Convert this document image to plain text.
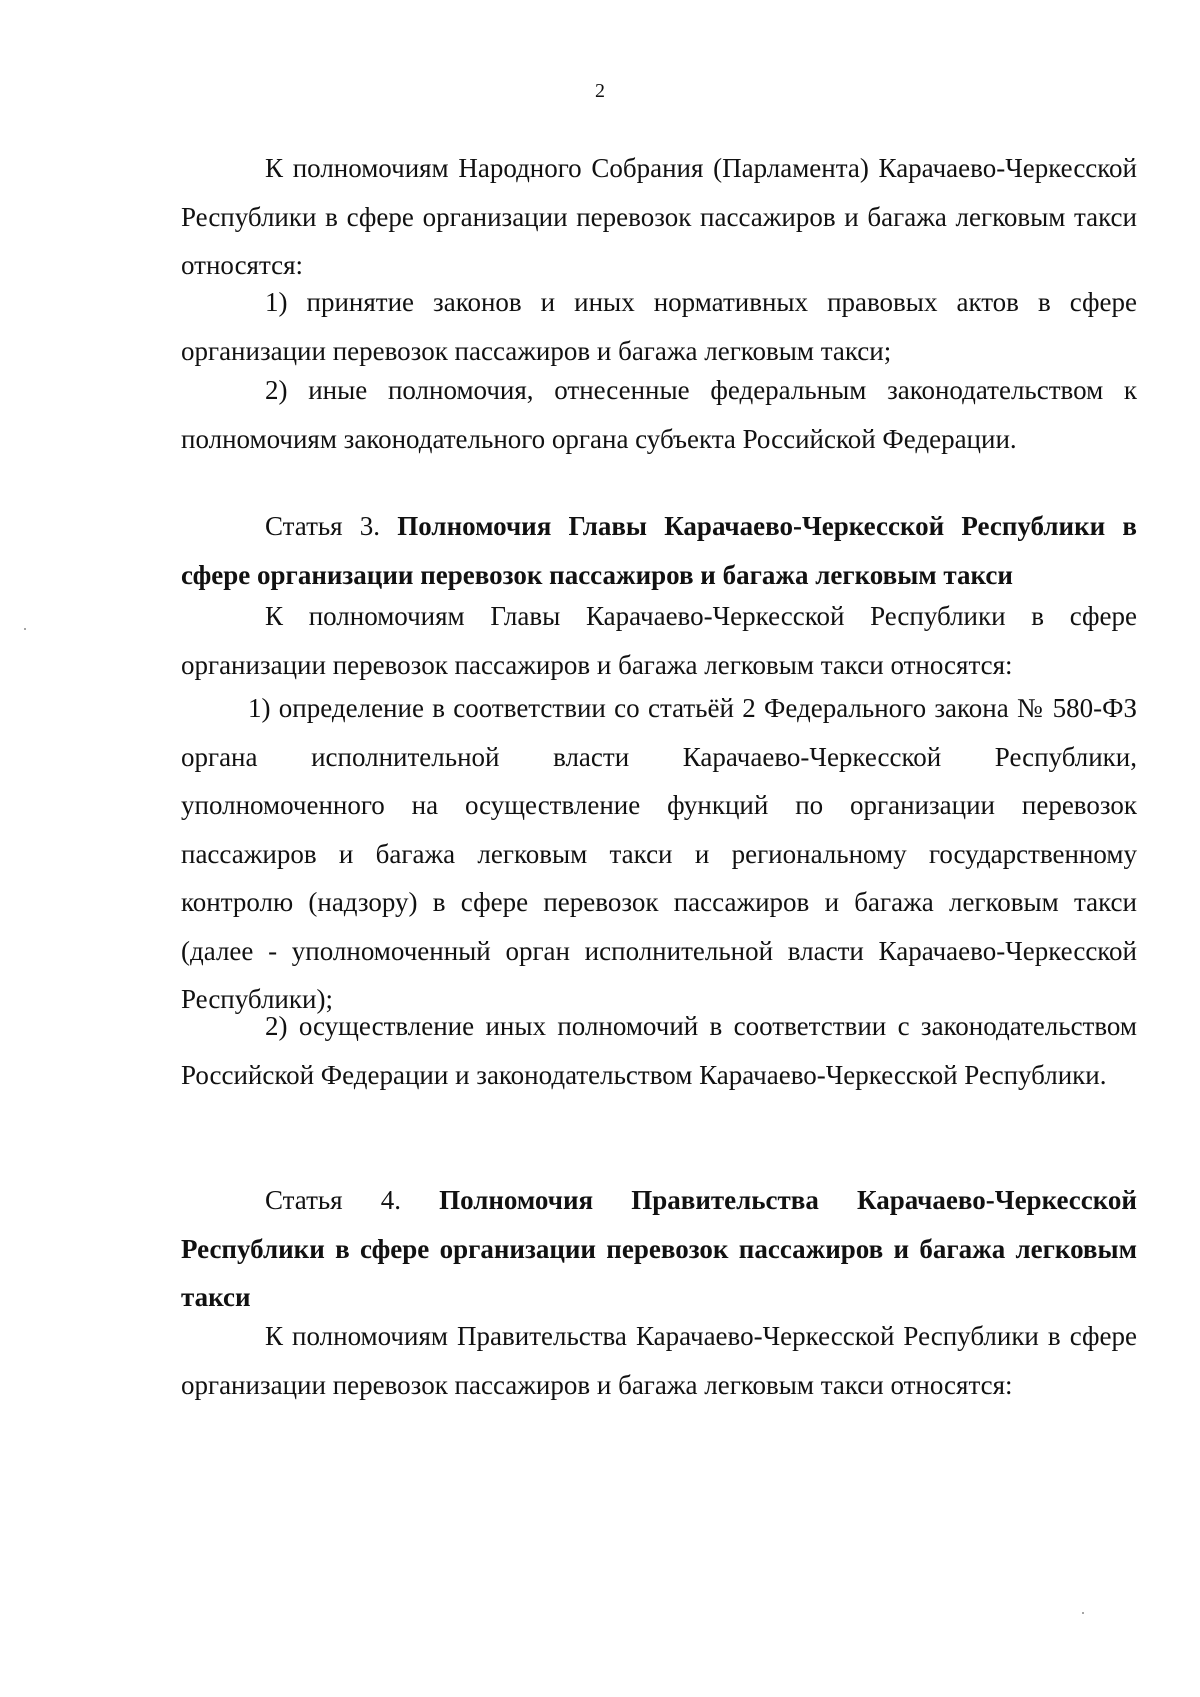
2

К полномочиям Народного Собрания (Парламента) Карачаево-Черкесской Республики в сфере организации перевозок пассажиров и багажа легковым такси относятся:

1) принятие законов и иных нормативных правовых актов в сфере организации перевозок пассажиров и багажа легковым такси;

2) иные полномочия, отнесенные федеральным законодательством к полномочиям законодательного органа субъекта Российской Федерации.

Статья 3. Полномочия Главы Карачаево-Черкесской Республики в сфере организации перевозок пассажиров и багажа легковым такси

К полномочиям Главы Карачаево-Черкесской Республики в сфере организации перевозок пассажиров и багажа легковым такси относятся:

1) определение в соответствии со статьёй 2 Федерального закона № 580-ФЗ органа исполнительной власти Карачаево-Черкесской Республики, уполномоченного на осуществление функций по организации перевозок пассажиров и багажа легковым такси и региональному государственному контролю (надзору) в сфере перевозок пассажиров и багажа легковым такси (далее - уполномоченный орган исполнительной власти Карачаево-Черкесской Республики);

2) осуществление иных полномочий в соответствии с законодательством Российской Федерации и законодательством Карачаево-Черкесской Республики.

Статья 4. Полномочия Правительства Карачаево-Черкесской Республики в сфере организации перевозок пассажиров и багажа легковым такси

К полномочиям Правительства Карачаево-Черкесской Республики в сфере организации перевозок пассажиров и багажа легковым такси относятся:
